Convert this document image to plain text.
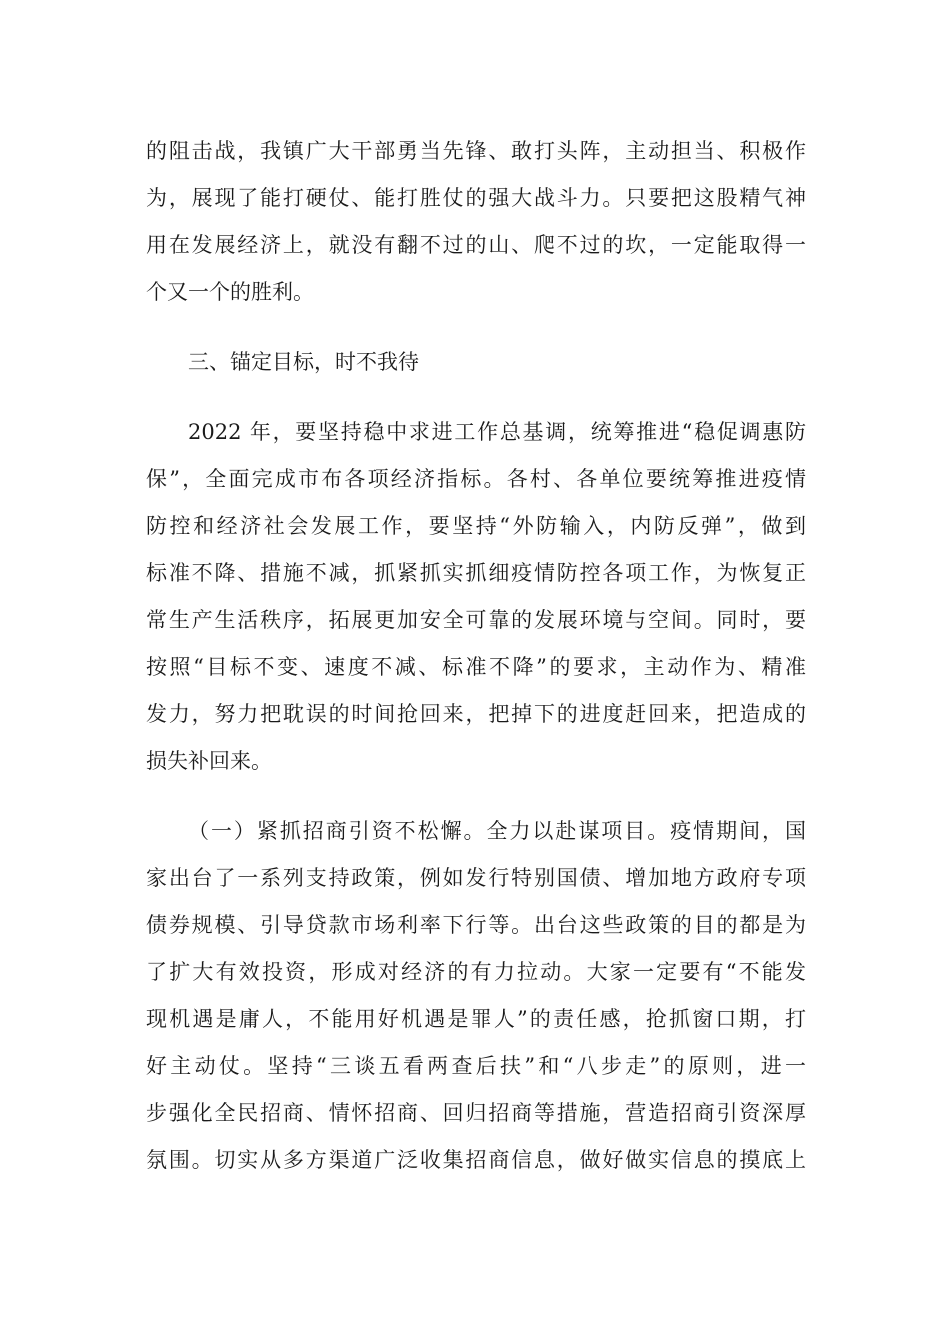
的阻击战，我镇广大干部勇当先锋、敢打头阵，主动担当、积极作
为，展现了能打硬仗、能打胜仗的强大战斗力。只要把这股精气神
用在发展经济上，就没有翻不过的山、爬不过的坎，一定能取得一
个又一个的胜利。
三、锚定目标，时不我待
2022 年，要坚持稳中求进工作总基调，统筹推进“稳促调惠防
保”，全面完成市布各项经济指标。各村、各单位要统筹推进疫情
防控和经济社会发展工作，要坚持“外防输入，内防反弹”，做到
标准不降、措施不减，抓紧抓实抓细疫情防控各项工作，为恢复正
常生产生活秩序，拓展更加安全可靠的发展环境与空间。同时，要
按照“目标不变、速度不减、标准不降”的要求，主动作为、精准
发力，努力把耽误的时间抢回来，把掉下的进度赶回来，把造成的
损失补回来。
（一）紧抓招商引资不松懈。全力以赴谋项目。疫情期间，国
家出台了一系列支持政策，例如发行特别国债、增加地方政府专项
债券规模、引导贷款市场利率下行等。出台这些政策的目的都是为
了扩大有效投资，形成对经济的有力拉动。大家一定要有“不能发
现机遇是庸人，不能用好机遇是罪人”的责任感，抢抓窗口期，打
好主动仗。坚持“三谈五看两查后扶”和“八步走”的原则，进一
步强化全民招商、情怀招商、回归招商等措施，营造招商引资深厚
氛围。切实从多方渠道广泛收集招商信息，做好做实信息的摸底上
